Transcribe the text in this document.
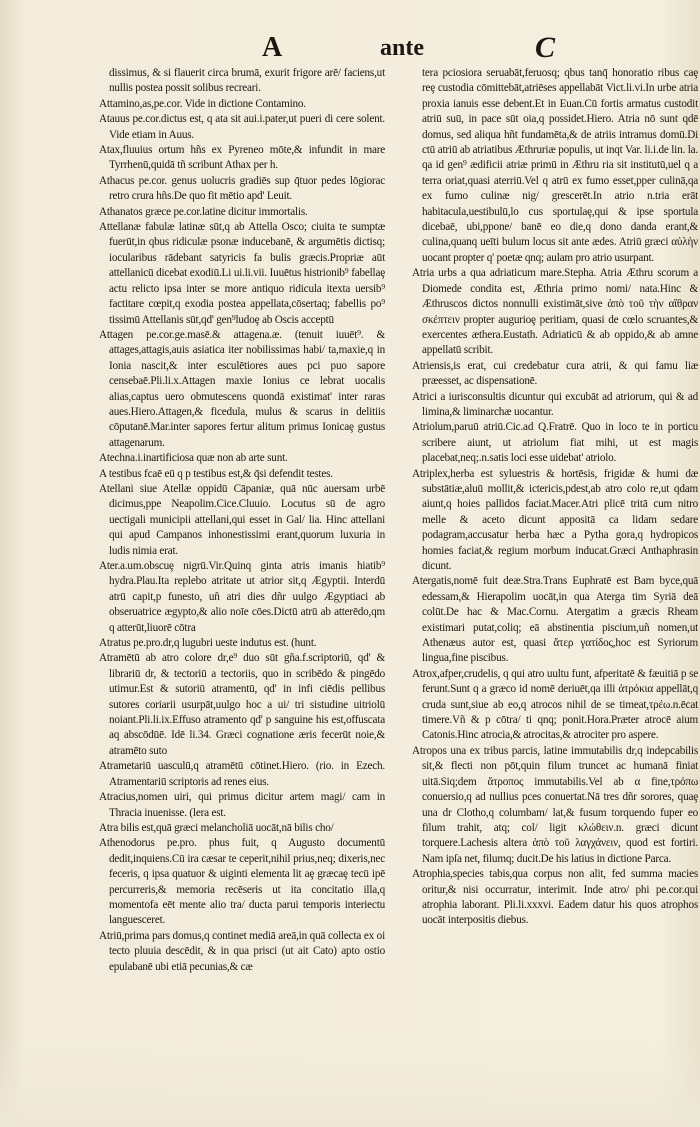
A	ante	C

dissimus, & si flauerit circa brumā, exurit frigore arē/ faciens,ut nullis postea possit solibus recreari.

Attamino,as,pe.cor. Vide in dictione Contamino.

Atauus pe.cor.dictus est, q ata sit aui.i.pater,ut pueri di cere solent. Vide etiam in Auus.

Atax,fluuius ortum hñs ex Pyreneo mōte,& infundit in mare Tyrrhenū,quidā tñ scribunt Athax per h.

Athacus pe.cor. genus uolucris gradiēs sup q̄tuor pedes lōgiorac retro crura hñs.De quo fit mētio apd' Leuit.

Athanatos græce pe.cor.latine dicitur immortalis.

Attellanæ fabulæ latinæ sūt,q ab Attella Osco; ciuita te sumptæ fuerūt,in qbus ridiculæ psonæ inducebanē, & argumētis dictisq; iocularibus rādebant satyricis fa bulis græcis.Propriæ aūt attellanicū dicebat exodiū.Li ui.li.vii. Iuuētus histrionib⁹ fabellaȩ actu relicto ipsa inter se more antiquo ridicula itexta uersib⁹ factitare cœpit,q exodia postea appellata,cōsertaq; fabellis po⁹ tissimū Attellanis sūt,qd' gen⁹ludoȩ ab Oscis acceptū

Attagen pe.cor.ge.masē.& attagena.æ. (tenuit iuuēt⁹. & attages,attagis,auis asiatica iter nobilissimas habi/ ta,maxie,q in Ionia nascit,& inter esculētiores aues pci puo sapore censebaē.Pli.li.x.Attagen maxie Ionius ce lebrat uocalis alias,captus uero obmutescens quondā existimat' inter raras aues.Hiero.Attagen,& ficedula, mulus & scarus in delitiis cōputanē.Mar.inter sapores fertur alitum primus Ionicaȩ gustus attagenarum.

Atechna.i.inartificiosa quæ non ab arte sunt.

A testibus fcaē eū q p testibus est,& q̄si defendit testes.

Atellani siue Atellæ oppidū Cāpaniæ, quā nūc auersam urbē dicimus,ppe Neapolim.Cice.Cluuio. Locutus sū de agro uectigali municipii attellani,qui esset in Gal/ lia. Hinc attellani qui apud Campanos inhonestissimi erant,quorum luxuria in ludis nimia erat.

Ater.a.um.obscuȩ nigrū.Vir.Quinq ginta atris imanis hiatib⁹ hydra.Plau.Ita replebo atritate ut atrior sit,q Ægyptii. Interdū atrū capit,p funesto, uñ atri dies dñr uulgo Ægyptiaci ab obseruatrice ægypto,& alio noīe cōes.Dictū atrū ab atterēdo,qm q atterūt,liuorē cōtra

Atratus pe.pro.dr,q lugubri ueste indutus est. (hunt.

Atramētū ab atro colore dr,e⁹ duo sūt gña.f.scriptoriū, qd' & librariū dr, & tectoriū a tectoriis, quo in scribēdo & pingēdo utimur.Est & sutoriū atramentū, qd' in infi ciēdis pellibus sutores coriarii usurpāt,uulgo hoc a ui/ tri sistudine uitriolū noiant.Pli.li.ix.Effuso atramento qd' p sanguine his est,offuscata aq abscōdūē. Idē li.34. Græci cognatione æris fecerūt noie,& atramēto suto

Atrametariū uasculū,q atramētū cōtinet.Hiero. (rio. in Ezech. Atramentariū scriptoris ad renes eius.

Atracius,nomen uiri, qui primus dicitur artem magi/ cam in Thracia inuenisse. (lera est.

Atra bilis est,quā græci melancholiā uocāt,nā bilis cho/

Athenodorus pe.pro. phus fuit, q Augusto documentū dedit,inquiens.Cū ira cæsar te ceperit,nihil prius,neq; dixeris,nec feceris, q ipsa quatuor & uiginti elementa lit aȩ græcaȩ tecū ipē percurreris,& memoria recēseris ut ita concitatio illa,q momentofa eēt mente alio tra/ ducta parui temporis interiectu languesceret.

Atriū,prima pars domus,q continet mediā areā,in quā collecta ex oi tecto pluuia descēdit, & in qua prisci (ut ait Cato) apto ostio epulabanē ubi etiā pecunias,& cæ

tera pciosiora seruabāt,feruosq; qbus tanq̄ honoratio ribus caȩ reȩ custodia cōmittebāt,atriēses appellabāt Vict.li.vi.In urbe atria proxia ianuis esse debent.Et in Euan.Cū fortis armatus custodit atriū suū, in pace sūt oia,q possidet.Hiero. Atria nō sunt qdē domus, sed aliqua hñt fundamēta,& de atriis intramus domū.Di ctū atriū ab atriatibus Æthruriæ populis, ut inqt Var. li.i.de lin. la. qa id gen⁹ ædificii atriæ primū in Æthru ria sit institutū,uel q a terra oriat,quasi aterriū.Vel q atrū ex fumo esset,pper culinā,qa ex fumo culinæ nig/ grescerēt.In atrio n.tria erāt habitacula,uestibulū,lo cus sportulaȩ,qui & ipse sportula dicebaē, ubi,ppone/ banē eo die,q dono danda erant,& culina,quanq ueīti bulum locus sit ante ædes. Atriū græci αὐλὴν uocant propter q' poetæ qnq; aulam pro atrio usurpant.

Atria urbs a qua adriaticum mare.Stepha. Atria Æthru scorum a Diomede condita est, Æthria primo nomi/ nata.Hinc & Æthruscos dictos nonnulli existimāt,sive ἀπὸ τοῦ τὴν αἴθραν σκέπτειν propter augurioȩ peritiam, quasi de cœlo scruantes,& exercentes æthera.Eustath. Adriaticū & ab oppido,& ab amne appellatū scribit.

Atriensis,is erat, cui credebatur cura atrii, & qui famu liæ præesset, ac dispensationē.

Atrici a iurisconsultis dicuntur qui excubāt ad atriorum, qui & ad limina,& liminarchæ uocantur.

Atriolum,paruū atriū.Cic.ad Q.Fratrē. Quo in loco te in porticu scribere aiunt, ut atriolum fiat mihi, ut est magis placebat,neq;.n.satis loci esse uidebat' atriolo.

Atriplex,herba est syluestris & hortēsis, frigidæ & humi dæ substātiæ,aluū mollit,& ictericis,pdest,ab atro colo re,ut qdam aiunt,q hoies pallidos faciat.Macer.Atri plicē tritā cum nitro melle & aceto dicunt appositā ca lidam sedare podagram,accusatur herba hæc a Pytha gora,q hydropicos homies faciat,& regium morbum inducat.Græci Anthaphrasin dicunt.

Atergatis,nomē fuit deæ.Stra.Trans Euphratē est Bam byce,quā edessam,& Hierapolim uocāt,in qua Aterga tim Syriā deā colūt.De hac & Mac.Cornu. Atergatim a græcis Rheam existimari putat,coliq; eā abstinentia piscium,uñ nomen,ut Athenæus autor est, quasi ἄτερ γατίδος,hoc est Syriorum lingua,fine piscibus.

Atrox,afper,crudelis, q qui atro uultu funt, afperitatē & fæuitiā p se ferunt.Sunt q a græco id nomē deriuēt,qa illi ἀτρόκια appellāt,q cruda sunt,siue ab eo,q atrocos nihil de se timeat,τρέω.n.ēcat timere.Vñ & p cōtra/ ti qnq; ponit.Hora.Præter atrocē aium Catonis.Hinc atrocia,& atrocitas,& atrociter pro aspere.

Atropos una ex tribus parcis, latine immutabilis dr,q indepcabilis sit,& flecti non pōt,quin filum truncet ac humanā finiat uitā.Siq;dem ἄτροπος immutabilis.Vel ab α fine,τρόπω conuersio,q ad nullius pces conuertat.Nā tres dñr sorores, quaȩ una dr Clotho,q columbam/ lat,& fusum torquendo fuper eo filum trahit, atq; col/ ligit κλώθειν.n. græci dicunt torquere.Lachesis altera ἀπὸ τοῦ λαγχάνειν, quod est fortiri. Nam ipſa net, filumq; ducit.De his latius in dictione Parca.

Atrophia,species tabis,qua corpus non alit, fed summa macies oritur,& nisi occurratur, interimit. Inde atro/ phi pe.cor.qui atrophia laborant. Pli.li.xxxvi. Eadem datur his quos atrophos uocāt interpositis diebus.
